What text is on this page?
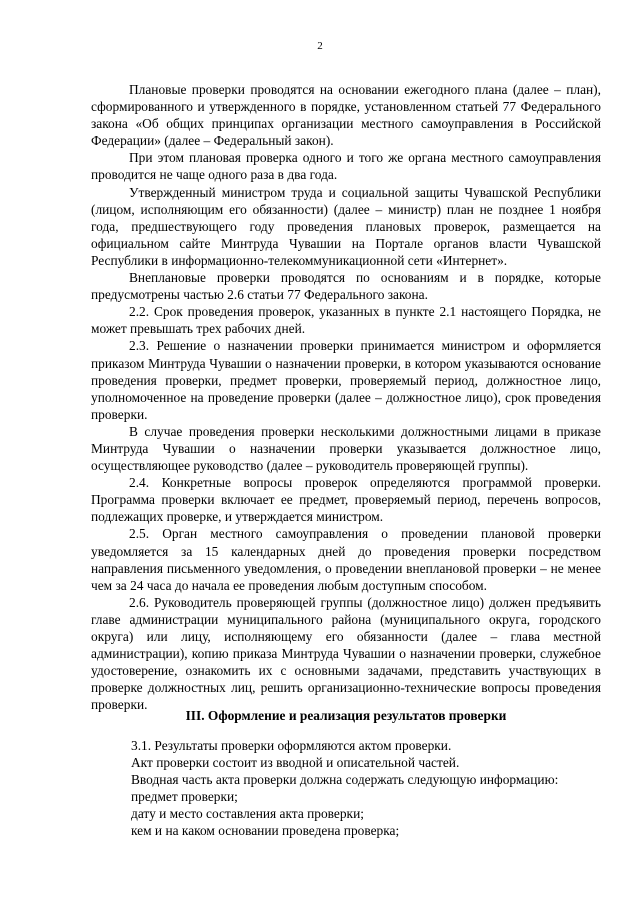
2

Плановые проверки проводятся на основании ежегодного плана (далее – план), сформированного и утвержденного в порядке, установленном статьей 77 Федерального закона «Об общих принципах организации местного самоуправления в Российской Федерации» (далее – Федеральный закон).

При этом плановая проверка одного и того же органа местного самоуправления проводится не чаще одного раза в два года.

Утвержденный министром труда и социальной защиты Чувашской Республики (лицом, исполняющим его обязанности) (далее – министр) план не позднее 1 ноября года, предшествующего году проведения плановых проверок, размещается на официальном сайте Минтруда Чувашии на Портале органов власти Чувашской Республики в информационно-телекоммуникационной сети «Интернет».

Внеплановые проверки проводятся по основаниям и в порядке, которые предусмотрены частью 2.6 статьи 77 Федерального закона.

2.2. Срок проведения проверок, указанных в пункте 2.1 настоящего Порядка, не может превышать трех рабочих дней.

2.3. Решение о назначении проверки принимается министром и оформляется приказом Минтруда Чувашии о назначении проверки, в котором указываются основание проведения проверки, предмет проверки, проверяемый период, должностное лицо, уполномоченное на проведение проверки (далее – должностное лицо), срок проведения проверки.

В случае проведения проверки несколькими должностными лицами в приказе Минтруда Чувашии о назначении проверки указывается должностное лицо, осуществляющее руководство (далее – руководитель проверяющей группы).

2.4. Конкретные вопросы проверок определяются программой проверки. Программа проверки включает ее предмет, проверяемый период, перечень вопросов, подлежащих проверке, и утверждается министром.

2.5. Орган местного самоуправления о проведении плановой проверки уведомляется за 15 календарных дней до проведения проверки посредством направления письменного уведомления, о проведении внеплановой проверки – не менее чем за 24 часа до начала ее проведения любым доступным способом.

2.6. Руководитель проверяющей группы (должностное лицо) должен предъявить главе администрации муниципального района (муниципального округа, городского округа) или лицу, исполняющему его обязанности (далее – глава местной администрации), копию приказа Минтруда Чувашии о назначении проверки, служебное удостоверение, ознакомить их с основными задачами, представить участвующих в проверке должностных лиц, решить организационно-технические вопросы проведения проверки.

III. Оформление и реализация результатов проверки

3.1. Результаты проверки оформляются актом проверки.

Акт проверки состоит из вводной и описательной частей.

Вводная часть акта проверки должна содержать следующую информацию:

предмет проверки;

дату и место составления акта проверки;

кем и на каком основании проведена проверка;
